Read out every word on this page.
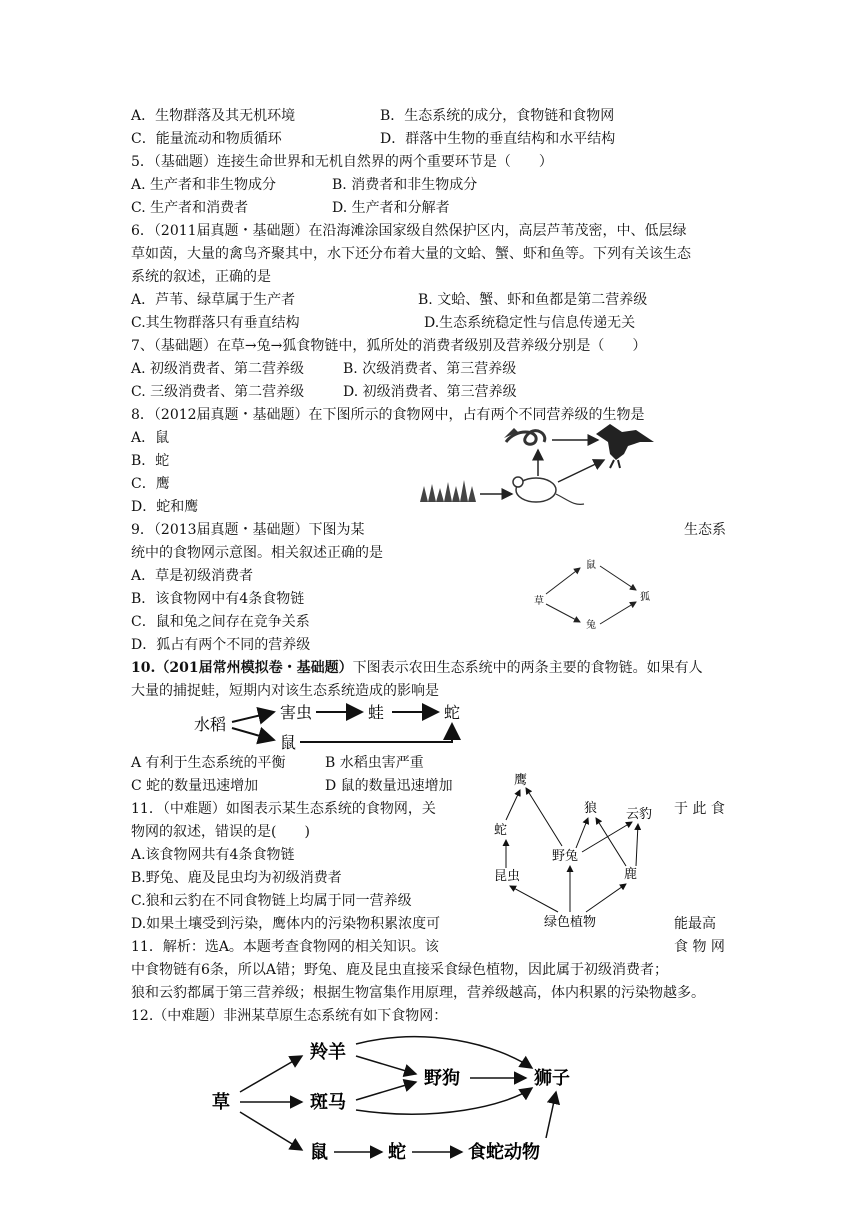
A．生物群落及其无机环境	B．生态系统的成分，食物链和食物网
C．能量流动和物质循环	D．群落中生物的垂直结构和水平结构
5．（基础题）连接生命世界和无机自然界的两个重要环节是（　　）
A. 生产者和非生物成分	B. 消费者和非生物成分
C. 生产者和消费者	D. 生产者和分解者
6．（2011届真题・基础题）在沿海滩涂国家级自然保护区内，高层芦苇茂密，中、低层绿
草如茵，大量的禽鸟齐聚其中，水下还分布着大量的文蛤、蟹、虾和鱼等。下列有关该生态
系统的叙述，正确的是
A．芦苇、绿草属于生产者	B. 文蛤、蟹、虾和鱼都是第二营养级
C.其生物群落只有垂直结构	D.生态系统稳定性与信息传递无关
7、（基础题）在草→兔→狐食物链中，狐所处的消费者级别及营养级分别是（　　）
A. 初级消费者、第二营养级	B. 次级消费者、第三营养级
C. 三级消费者、第二营养级	D. 初级消费者、第三营养级
8．（2012届真题・基础题）在下图所示的食物网中，占有两个不同营养级的生物是
A．鼠
B．蛇
C．鹰
D．蛇和鹰
9．（2013届真题・基础题）下图为某	生态系
统中的食物网示意图。相关叙述正确的是
A．草是初级消费者
B．该食物网中有4条食物链
C．鼠和兔之间存在竞争关系
D．狐占有两个不同的营养级
鼠
草	狐
兔
10.（201届常州模拟卷・基础题）下图表示农田生态系统中的两条主要的食物链。如果有人
大量的捕捉蛙，短期内对该生态系统造成的影响是
水稻
害虫	蛙	蛇
鼠
A 有利于生态系统的平衡	B 水稻虫害严重
C 蛇的数量迅速增加	D 鼠的数量迅速增加
11．（中难题）如图表示某生态系统的食物网，关	于 此 食
物网的叙述，错误的是(　　)
A.该食物网共有4条食物链
B.野兔、鹿及昆虫均为初级消费者
C.狼和云豹在不同食物链上均属于同一营养级
D.如果土壤受到污染，鹰体内的污染物积累浓度可	能最高
11．解析：选A。本题考查食物网的相关知识。该	食 物 网
中食物链有6条，所以A错；野兔、鹿及昆虫直接采食绿色植物，因此属于初级消费者；
狼和云豹都属于第三营养级；根据生物富集作用原理，营养级越高，体内积累的污染物越多。
鹰
狼 云豹
蛇
野兔
昆虫	鹿
绿色植物
12.（中难题）非洲某草原生态系统有如下食物网：
草
羚羊
斑马
鼠
野狗	狮子
蛇	食蛇动物
